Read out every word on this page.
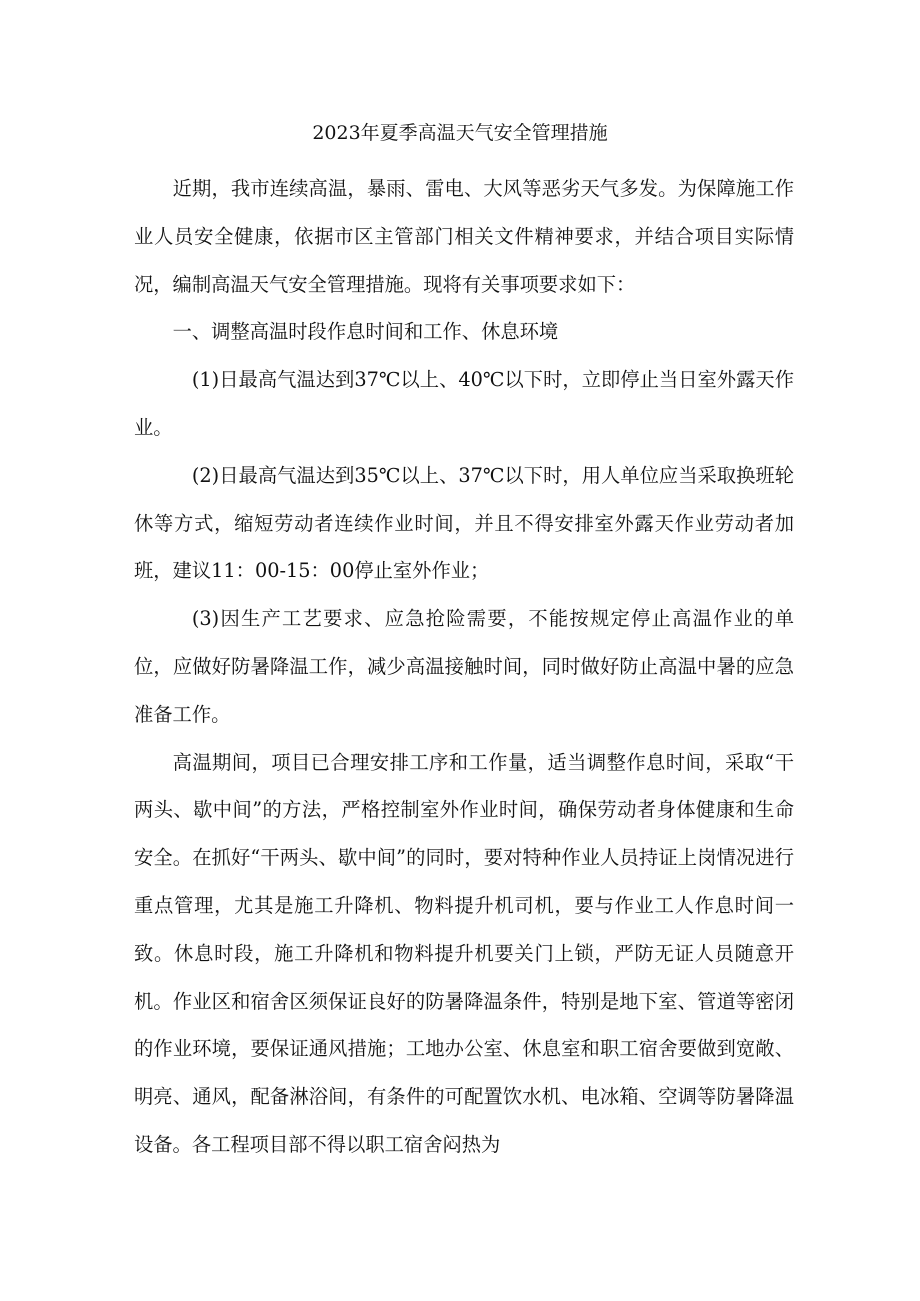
2023年夏季高温天气安全管理措施

近期，我市连续高温，暴雨、雷电、大风等恶劣天气多发。为保障施工作业人员安全健康，依据市区主管部门相关文件精神要求，并结合项目实际情况，编制高温天气安全管理措施。现将有关事项要求如下：

一、调整高温时段作息时间和工作、休息环境

(1)日最高气温达到37℃以上、40℃以下时，立即停止当日室外露天作业。

(2)日最高气温达到35℃以上、37℃以下时，用人单位应当采取换班轮休等方式，缩短劳动者连续作业时间，并且不得安排室外露天作业劳动者加班，建议11：00-15：00停止室外作业；

(3)因生产工艺要求、应急抢险需要，不能按规定停止高温作业的单位，应做好防暑降温工作，减少高温接触时间，同时做好防止高温中暑的应急准备工作。

高温期间，项目已合理安排工序和工作量，适当调整作息时间，采取“干两头、歇中间”的方法，严格控制室外作业时间，确保劳动者身体健康和生命安全。在抓好“干两头、歇中间”的同时，要对特种作业人员持证上岗情况进行重点管理，尤其是施工升降机、物料提升机司机，要与作业工人作息时间一致。休息时段，施工升降机和物料提升机要关门上锁，严防无证人员随意开机。作业区和宿舍区须保证良好的防暑降温条件，特别是地下室、管道等密闭的作业环境，要保证通风措施；工地办公室、休息室和职工宿舍要做到宽敞、明亮、通风，配备淋浴间，有条件的可配置饮水机、电冰箱、空调等防暑降温设备。各工程项目部不得以职工宿舍闷热为
